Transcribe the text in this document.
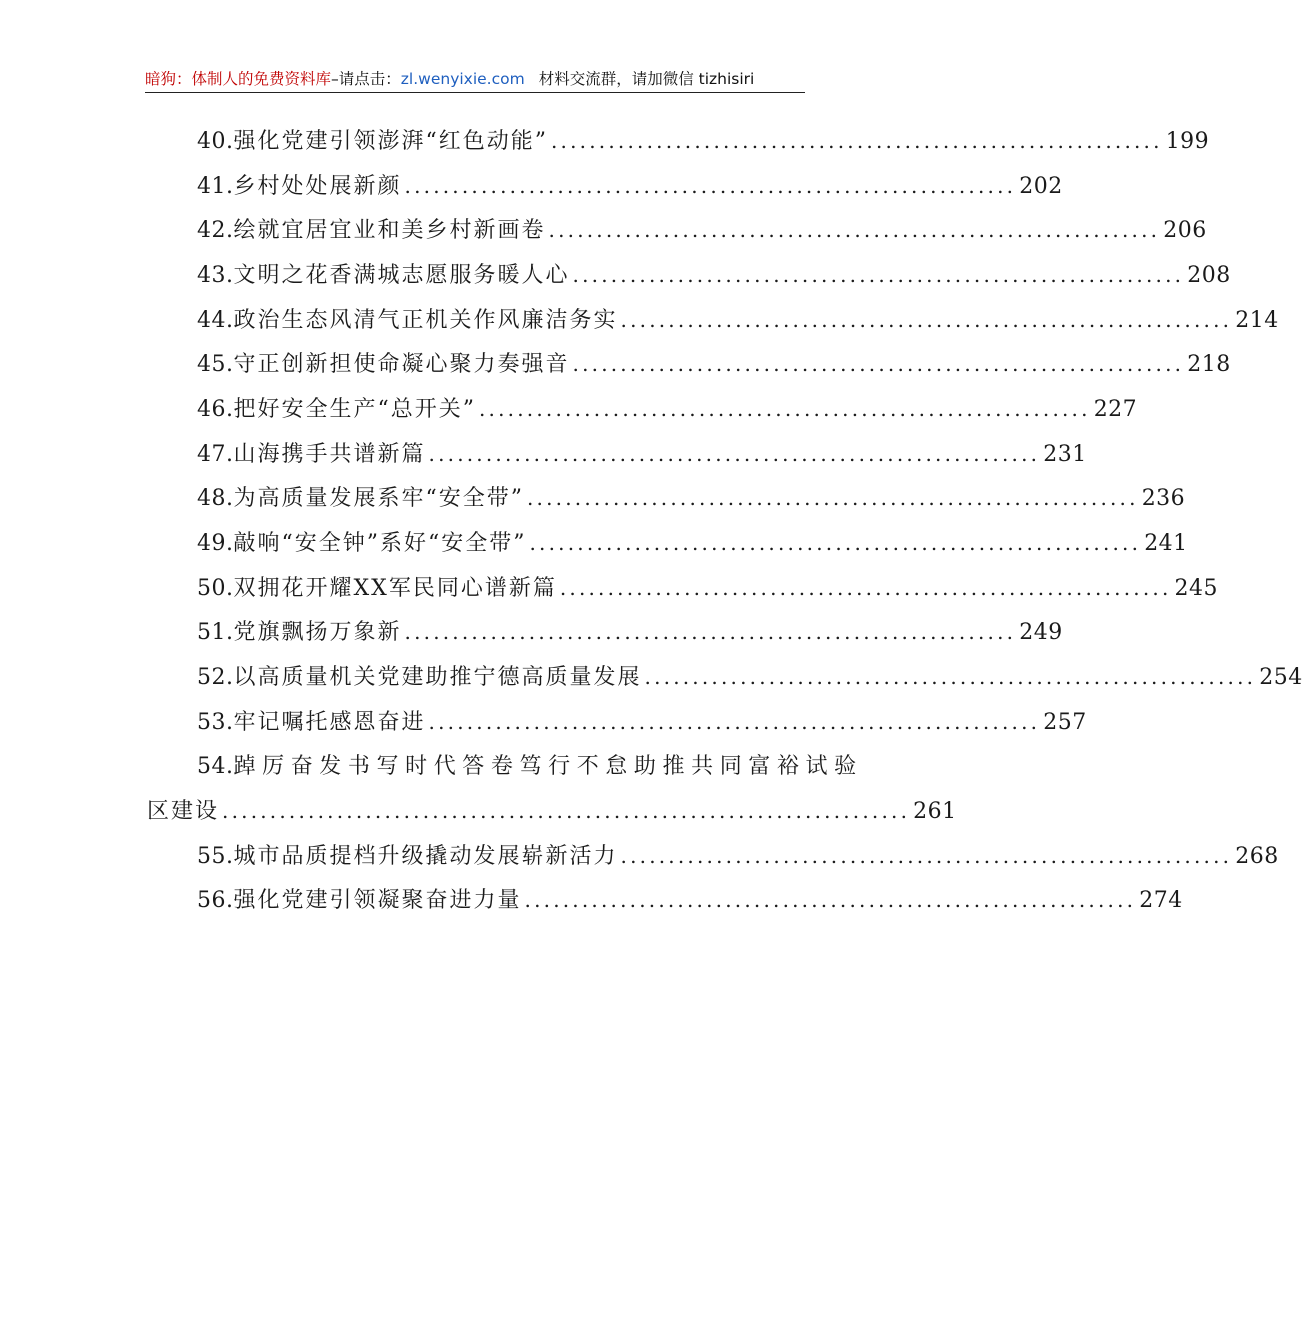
暗狗：体制人的免费资料库–请点击：zl.wenyixie.com 材料交流群，请加微信 tizhisiri
40. 强化党建引领澎湃“红色动能” ................................................................ 199
41. 乡村处处展新颜 ................................................................ 202
42. 绘就宜居宜业和美乡村新画卷 ................................................................ 206
43. 文明之花香满城志愿服务暖人心 ................................................................ 208
44. 政治生态风清气正机关作风廉洁务实 ................................................................ 214
45. 守正创新担使命凝心聚力奏强音 ................................................................ 218
46. 把好安全生产“总开关” ................................................................ 227
47. 山海携手共谱新篇 ................................................................ 231
48. 为高质量发展系牢“安全带” ................................................................ 236
49. 敲响“安全钟”系好“安全带” ................................................................ 241
50. 双拥花开耀XX军民同心谱新篇 ................................................................ 245
51. 党旗飘扬万象新 ................................................................ 249
52. 以高质量机关党建助推宁德高质量发展 ................................................................ 254
53. 牢记嘱托感恩奋进 ................................................................ 257
54. 踔厉奋发书写时代答卷笃行不怠助推共同富裕试验
区建设 ........................................................................ 261
55. 城市品质提档升级撬动发展崭新活力 ................................................................ 268
56. 强化党建引领凝聚奋进力量 ................................................................ 274
